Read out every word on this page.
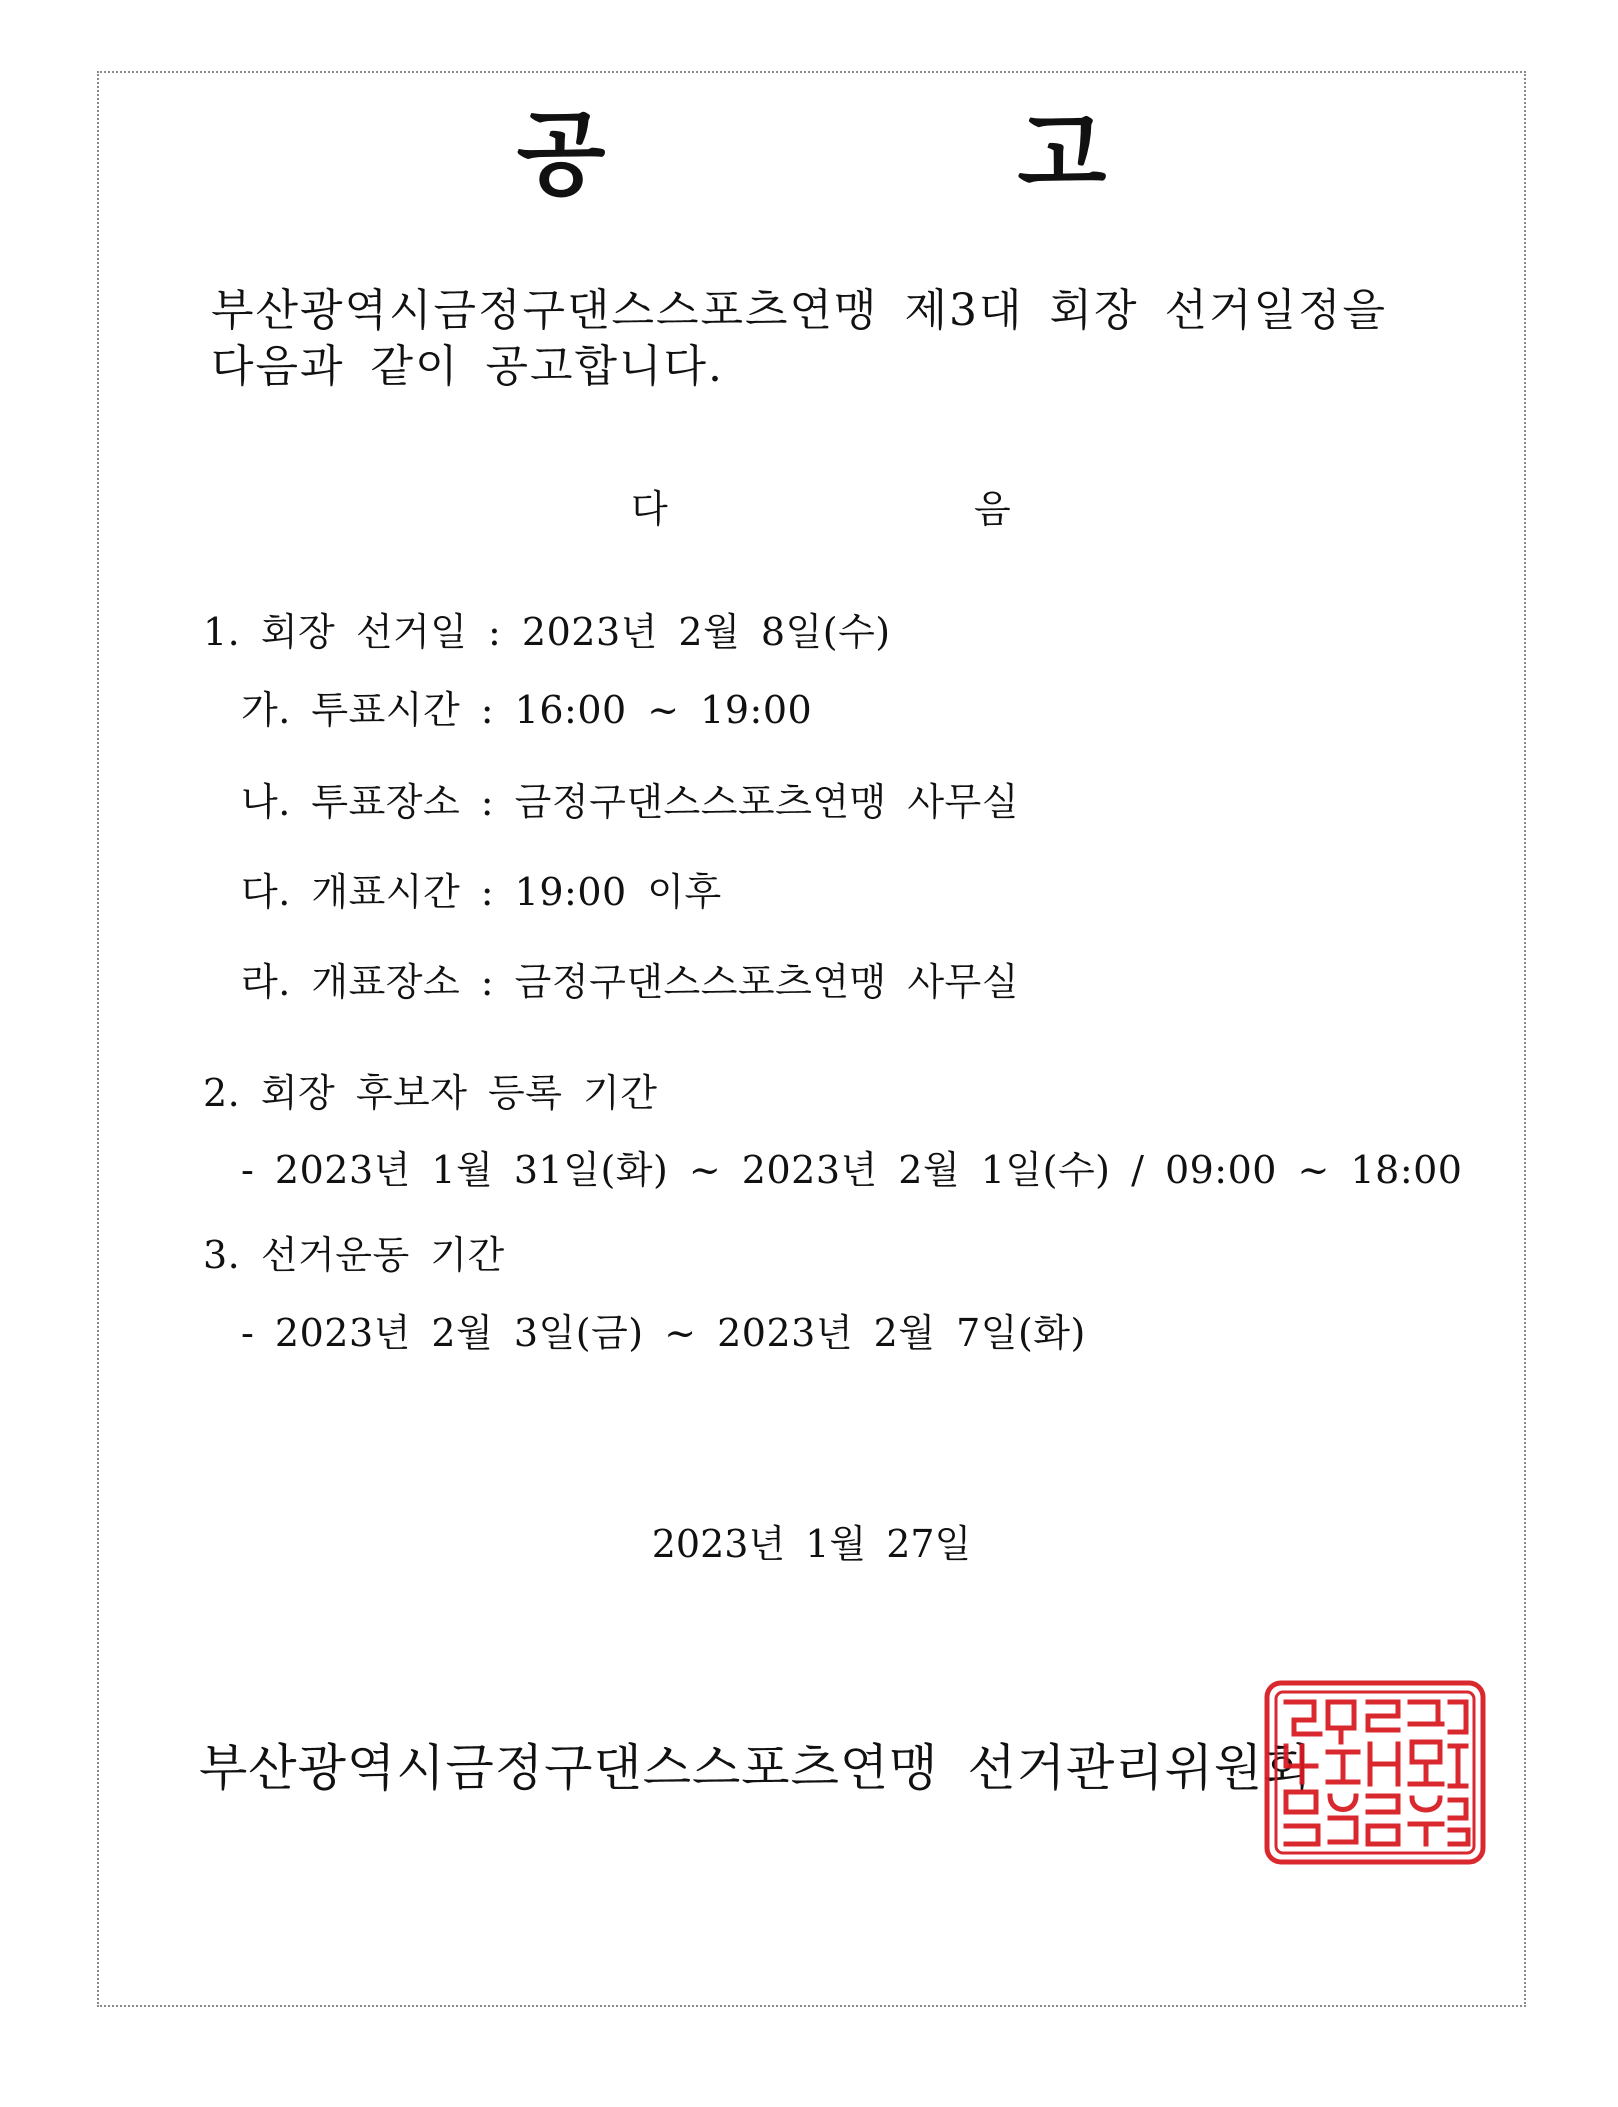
공 고
부산광역시금정구댄스스포츠연맹 제3대 회장 선거일정을
다음과 같이 공고합니다.
다	음
1. 회장 선거일 : 2023년 2월 8일(수)
가. 투표시간 : 16:00 ~ 19:00
나. 투표장소 : 금정구댄스스포츠연맹 사무실
다. 개표시간 : 19:00 이후
라. 개표장소 : 금정구댄스스포츠연맹 사무실
2. 회장 후보자 등록 기간
- 2023년 1월 31일(화) ~ 2023년 2월 1일(수) / 09:00 ~ 18:00
3. 선거운동 기간
- 2023년 2월 3일(금) ~ 2023년 2월 7일(화)
2023년 1월 27일
부산광역시금정구댄스스포츠연맹 선거관리위원회
